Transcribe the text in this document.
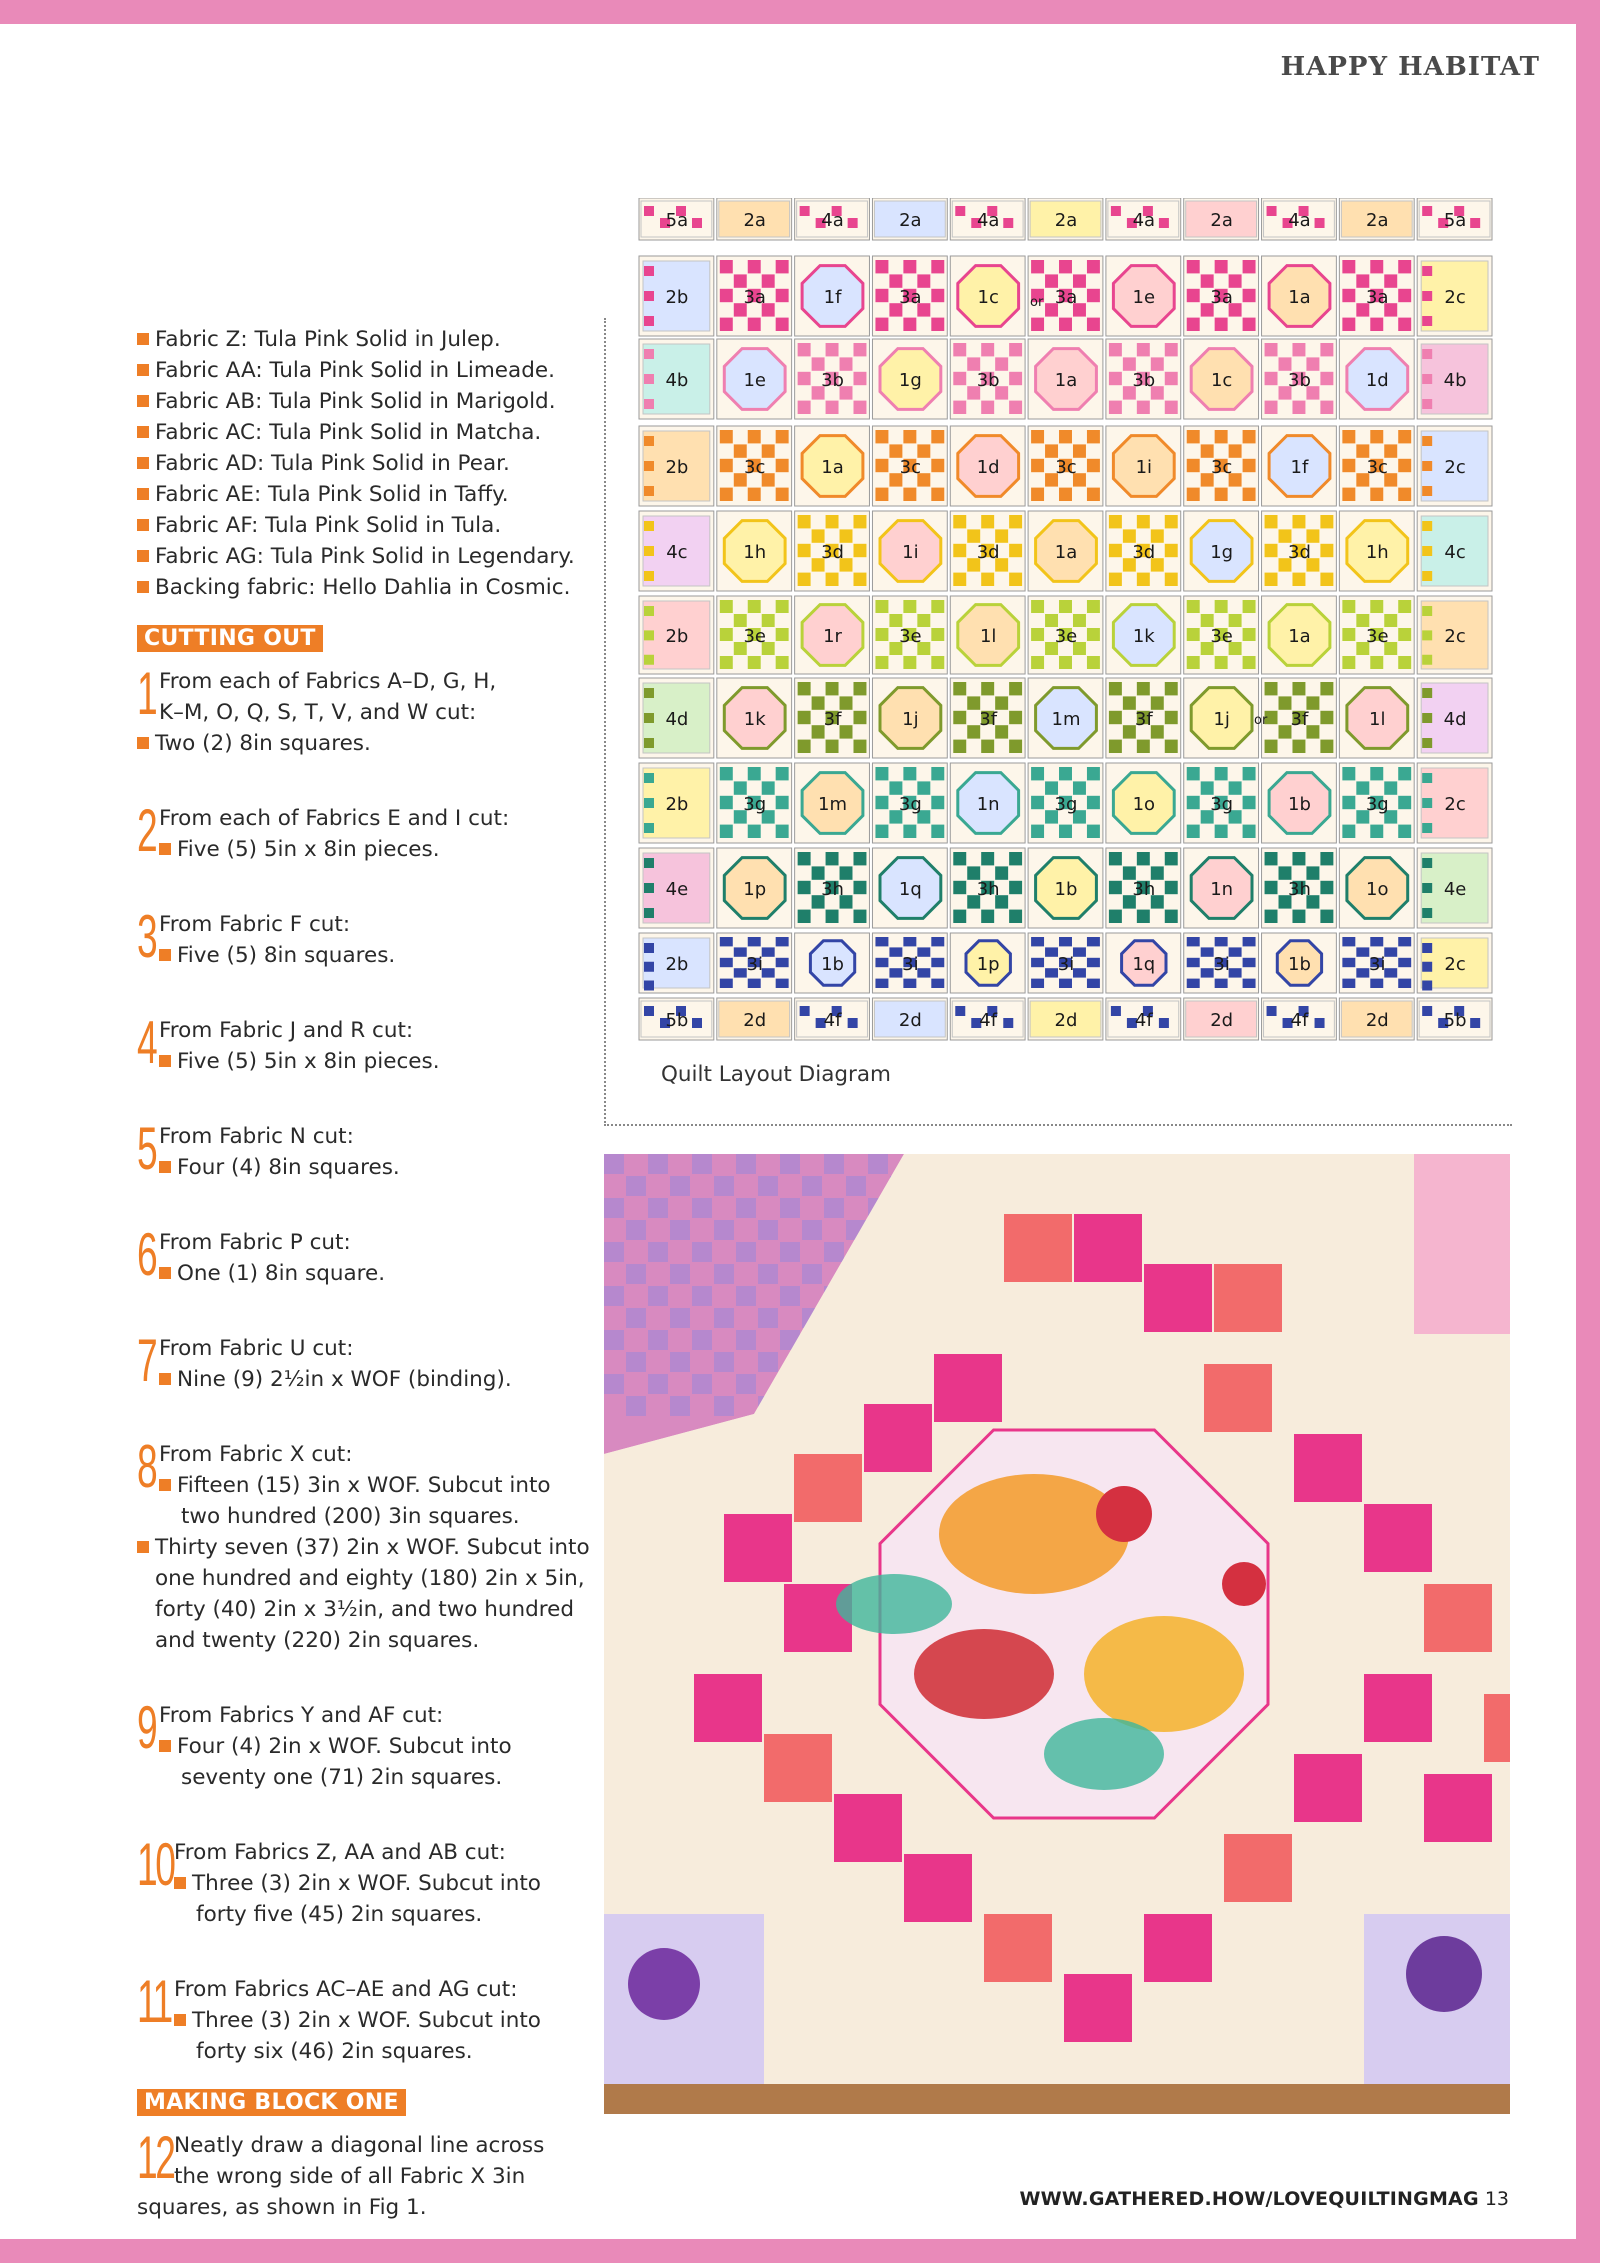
HAPPY HABITAT
Fabric Z: Tula Pink Solid in Julep.
Fabric AA: Tula Pink Solid in Limeade.
Fabric AB: Tula Pink Solid in Marigold.
Fabric AC: Tula Pink Solid in Matcha.
Fabric AD: Tula Pink Solid in Pear.
Fabric AE: Tula Pink Solid in Taffy.
Fabric AF: Tula Pink Solid in Tula.
Fabric AG: Tula Pink Solid in Legendary.
Backing fabric: Hello Dahlia in Cosmic.
CUTTING OUT
1 From each of Fabrics A–D, G, H,
K–M, O, Q, S, T, V, and W cut:
Two (2) 8in squares.
2 From each of Fabrics E and I cut:
Five (5) 5in x 8in pieces.
3 From Fabric F cut:
Five (5) 8in squares.
4 From Fabric J and R cut:
Five (5) 5in x 8in pieces.
5 From Fabric N cut:
Four (4) 8in squares.
6 From Fabric P cut:
One (1) 8in square.
7 From Fabric U cut:
Nine (9) 2½in x WOF (binding).
8 From Fabric X cut:
Fifteen (15) 3in x WOF. Subcut into
two hundred (200) 3in squares.
Thirty seven (37) 2in x WOF. Subcut into
one hundred and eighty (180) 2in x 5in,
forty (40) 2in x 3½in, and two hundred
and twenty (220) 2in squares.
9 From Fabrics Y and AF cut:
Four (4) 2in x WOF. Subcut into
seventy one (71) 2in squares.
10 From Fabrics Z, AA and AB cut:
Three (3) 2in x WOF. Subcut into
forty five (45) 2in squares.
11 From Fabrics AC–AE and AG cut:
Three (3) 2in x WOF. Subcut into
forty six (46) 2in squares.
MAKING BLOCK ONE
12 Neatly draw a diagonal line across
the wrong side of all Fabric X 3in
squares, as shown in Fig 1.
5a	2a	4a	2a	4a	2a	4a	2a	4a	2a	5a
2b	3a	1f	3a	1c	3a	1e	3a	1a	3a	2c
4b	1e	3b	1g	3b	1a	3b	1c	3b	1d	4b
2b	3c	1a	3c	1d	3c	1i	3c	1f	3c	2c
4c	1h	3d	1i	3d	1a	3d	1g	3d	1h	4c
2b	3e	1r	3e	1l	3e	1k	3e	1a	3e	2c
4d	1k	3f	1j	3f	1m	3f	1j	3f	1l	4d
2b	3g	1m	3g	1n	3g	1o	3g	1b	3g	2c
4e	1p	3h	1q	3h	1b	3h	1n	3h	1o	4e
2b	3i	1b	3i	1p	3i	1q	3i	1b	3i	2c
5b	2d	4f	2d	4f	2d	4f	2d	4f	2d	5b
or
or
Quilt Layout Diagram
WWW.GATHERED.HOW/LOVEQUILTINGMAG 13
